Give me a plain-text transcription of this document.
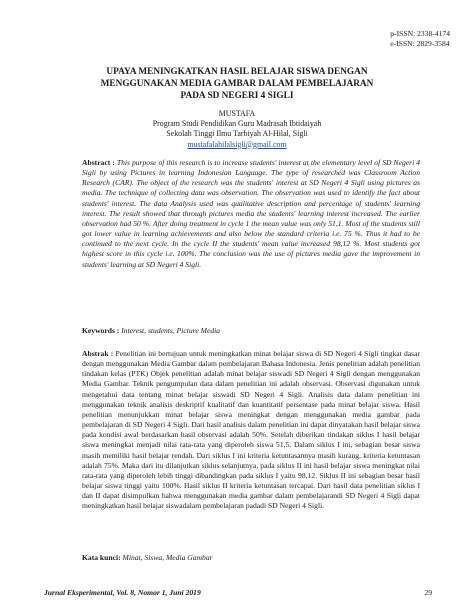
p-ISSN: 2338-4174
e-ISSN: 2829-3584
UPAYA MENINGKATKAN HASIL BELAJAR SISWA DENGAN
MENGGUNAKAN MEDIA GAMBAR DALAM PEMBELAJARAN
PADA SD NEGERI 4 SIGLI
MUSTAFA
Program Studi Pendidikan Guru Madrasah Ibtidaiyah
Sekolah Tinggi Ilmu Tarbiyah Al-Hilal, Sigli
mustafalahilalsigli@gmail.com
Abstract : This purpose of this research is to increase students' interest at the elementary level of SD Negeri 4 Sigli by using Pictures in learning Indonesian Language. The type of researched was Classroom Action Research (CAR). The object of the research was the students' interest at SD Negeri 4 Sigli using pictures as media. The technique of collecting data was observation. The observation was used to identify the fact about students' interest. The data Analysis used was qualitative description and percentage of students' learning interest. The result showed that through pictures media the students' learning interest increased. The earlier observation had 50 %. After doing treatment in cycle 1 the mean value was only 51,1. Most of the students still got lower value in learning achievements and also below the standard criteria i.e. 75 %. Thus it had to be continued to the next cycle. In the cycle II the students' mean value increased 98,12 %. Most students got highest score in this cycle i.e. 100%. The conclusion was the use of pictures media gave the improvement in students' learning at SD Negeri 4 Sigli.
Keywords : Interest, students, Picture Media
Abstrak : Penelitian ini bertujuan untuk meningkatkan minat belajar siswa di SD Negeri 4 Sigli tingkat dasar dengan menggunakan Media Gambar dalam pembelajaran Bahasa Indonesia. Jenis penelitian adalah penelitian tindakan kelas (PTK) Objek penelitian adalah minat belajar siswadi SD Negeri 4 Sigli dengan menggunakan Media Gambar. Teknik pengumpulan data dalam penelitian ini adalah observasi. Observasi digunakan untuk mengetahui data tentang minat belajar siswadi SD Negeri 4 Sigli. Analisis data dalam penelitian ini menggunakan teknik analisis deskriptif kualitatif dan kuantitatif persentase pada minat belajar siswa. Hasil penelitian menunjukkan minat belajar siswa meningkat dengan menggunakan media gambar pada pembelajaran di SD Negeri 4 Sigli. Dari hasil analisis dalam penelitian ini dapat dinyatakan hasil belajar siswa pada kondisi awal berdasarkan hasil observasi adalah 50%. Setelah diberikan tindakan siklus I hasil belajar siswa meningkat menjadi nilai rata-rata yang diperoleh siswa 51,5. Dalam siklus I ini, sebagian besar siswa masih memiliki hasil belajar rendah. Dari siklus I ini kriteria ketuntasannya masih kurang, kriteria ketuntasan adalah 75%. Maka dari itu dilanjutkan siklus selanjutnya, pada siklus II ini hasil belajar siswa meningkat nilai rata-rata yang diperoleh lebih tinggi dibandingkan pada siklus I yaitu 98,12. Siklus II ini sebagian besar hasil belajar siswa tinggi yaitu 100%. Hasil siklus II kriteria ketuntasan tercapai. Dari hasil data penelitian siklus I dan II dapat disimpulkan bahwa menggunakan media gambar dalam pembelajarandi SD Negeri 4 Sigli dapat meningkatkan hasil belajar siswadalam pembelajaran padadi SD Negeri 4 Sigli.
Kata kunci: Minat, Siswa, Media Gambar
Jurnal Eksperimental, Vol. 8, Nomor 1, Juni 2019	29
